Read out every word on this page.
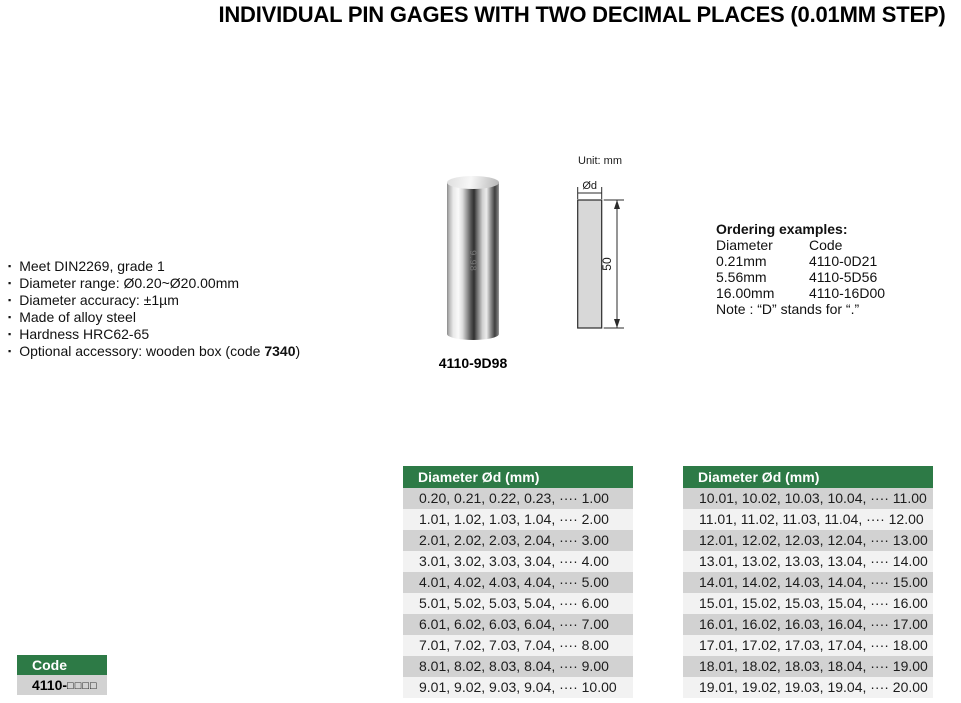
INDIVIDUAL PIN GAGES WITH TWO DECIMAL PLACES (0.01MM STEP)
▪ Meet DIN2269, grade 1
▪ Diameter range: Ø0.20~Ø20.00mm
▪ Diameter accuracy: ±1µm
▪ Made of alloy steel
▪ Hardness HRC62-65
▪ Optional accessory: wooden box (code 7340)
9.98
4110-9D98
Unit: mm
Ød
50
Ordering examples:
Diameter	Code
0.21mm	4110-0D21
5.56mm	4110-5D56
16.00mm 4110-16D00
Note : “D” stands for “.”
Diameter Ød (mm)
0.20, 0.21, 0.22, 0.23, ···· 1.00
1.01, 1.02, 1.03, 1.04, ···· 2.00
2.01, 2.02, 2.03, 2.04, ···· 3.00
3.01, 3.02, 3.03, 3.04, ···· 4.00
4.01, 4.02, 4.03, 4.04, ···· 5.00
5.01, 5.02, 5.03, 5.04, ···· 6.00
6.01, 6.02, 6.03, 6.04, ···· 7.00
7.01, 7.02, 7.03, 7.04, ···· 8.00
8.01, 8.02, 8.03, 8.04, ···· 9.00
9.01, 9.02, 9.03, 9.04, ···· 10.00
Diameter Ød (mm)
10.01, 10.02, 10.03, 10.04, ···· 11.00
11.01, 11.02, 11.03, 11.04, ···· 12.00
12.01, 12.02, 12.03, 12.04, ···· 13.00
13.01, 13.02, 13.03, 13.04, ···· 14.00
14.01, 14.02, 14.03, 14.04, ···· 15.00
15.01, 15.02, 15.03, 15.04, ···· 16.00
16.01, 16.02, 16.03, 16.04, ···· 17.00
17.01, 17.02, 17.03, 17.04, ···· 18.00
18.01, 18.02, 18.03, 18.04, ···· 19.00
19.01, 19.02, 19.03, 19.04, ···· 20.00
Code
4110-□□□□
